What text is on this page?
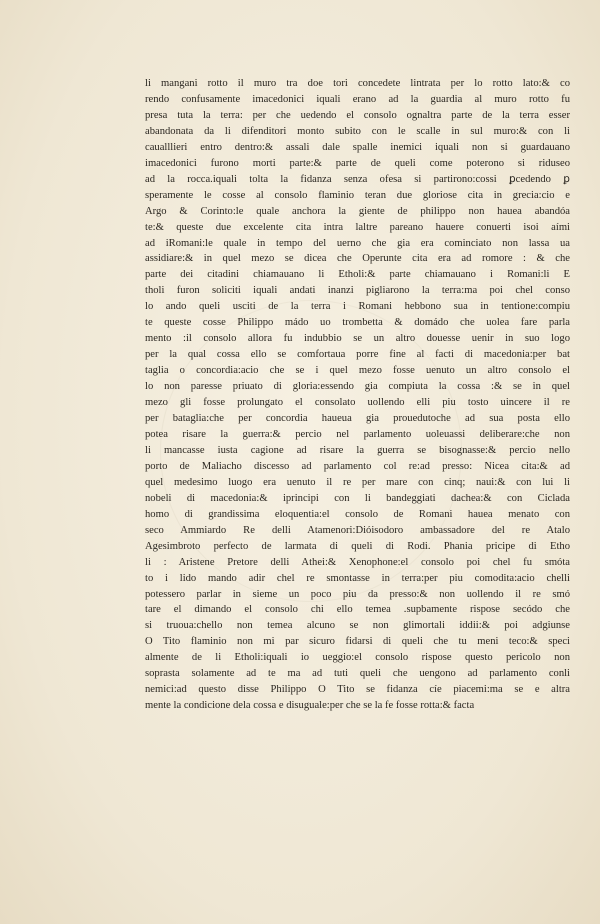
li mangani rotto il muro tra doe tori concedete lintrata per lo rotto lato:& co
rendo confusamente imacedonici iquali erano ad la guardia al muro rotto fu
presa tuta la terra: per che uedendo el consolo ognaltra parte de la terra esser
abandonata da li difenditori monto subito con le scalle in sul muro:& con li
caualllieri entro dentro:& assali dale spalle inemici iquali non si guardauano
imacedonici furono morti parte:& parte de queli come poterono si riduseo
ad la rocca.iquali tolta la fidanza senza ofesa si partirono:cossi ꝑcedendo ꝑ
speramente le cosse al consolo flaminio teran due gloriose cita in grecia:cio e
Argo & Corinto:le quale anchora la giente de philippo non hauea abandóa
te:& queste due excelente cita intra laltre pareano hauere conuerti isoi aími
ad iRomani:le quale in tempo del uerno che gia era cominciato non lassa ua
assidiare:& in quel mezo se dicea che Operunte cita era ad romore : & che
parte dei citadini chiamauano li Etholi:& parte chiamauano i Romani:li E
tholi furon soliciti iquali andati inanzi pigliarono la terra:ma poi chel conso
lo ando queli usciti de la terra i Romani hebbono sua in tentione:compiu
te queste cosse Philippo mádo uo trombetta & domádo che uolea fare parla
mento :il consolo allora fu indubbio se un altro douesse uenir in suo logo
per la qual cossa ello se comfortaua porre fine al facti di macedonia:per bat
taglia o concordia:acio che se i quel mezo fosse uenuto un altro consolo el
lo non paresse priuato di gloria:essendo gia compiuta la cossa :& se in quel
mezo gli fosse prolungato el consolato uollendo elli piu tosto uincere il re
per bataglia:che per concordia haueua gia prouedutoche ad sua posta ello
potea risare la guerra:& percio nel parlamento uoleuassi deliberare:che non
li mancasse iusta cagione ad risare la guerra se bisognasse:& percio nello
porto de Maliacho discesso ad parlamento col re:ad presso: Nicea cita:& ad
quel medesimo luogo era uenuto il re per mare con cinq; naui:& con lui li
nobeli di macedonia:& iprincipi con li bandeggiati dachea:& con Ciclada
homo di grandissima eloquentia:el consolo de Romani hauea menato con
seco Ammiardo Re delli Atamenori:Dióisodoro ambassadore del re Atalo
Agesimbroto perfecto de larmata di queli di Rodi. Phania pricipe di Etho
li : Aristene Pretore delli Athei:& Xenophone:el consolo poi chel fu smóta
to i lido mando adir chel re smontasse in terra:per piu comodita:acio chelli
potessero parlar in sieme un poco piu da presso:& non uollendo il re smó
tare el dimando el consolo chi ello temea .supbamente rispose secódo che
si truoua:chello non temea alcuno se non glimortali iddii:& poi adgiunse
O Tito flaminio non mi par sicuro fidarsi di queli che tu meni teco:& speci
almente de li Etholi:iquali io ueggio:el consolo rispose questo pericolo non
soprasta solamente ad te ma ad tuti queli che uengono ad parlamento conli
nemici:ad questo disse Philippo O Tito se fidanza cíe piacemi:ma se e altra
mente la condicione dela cossa e disuguale:per che se la fe fosse rotta:& facta
